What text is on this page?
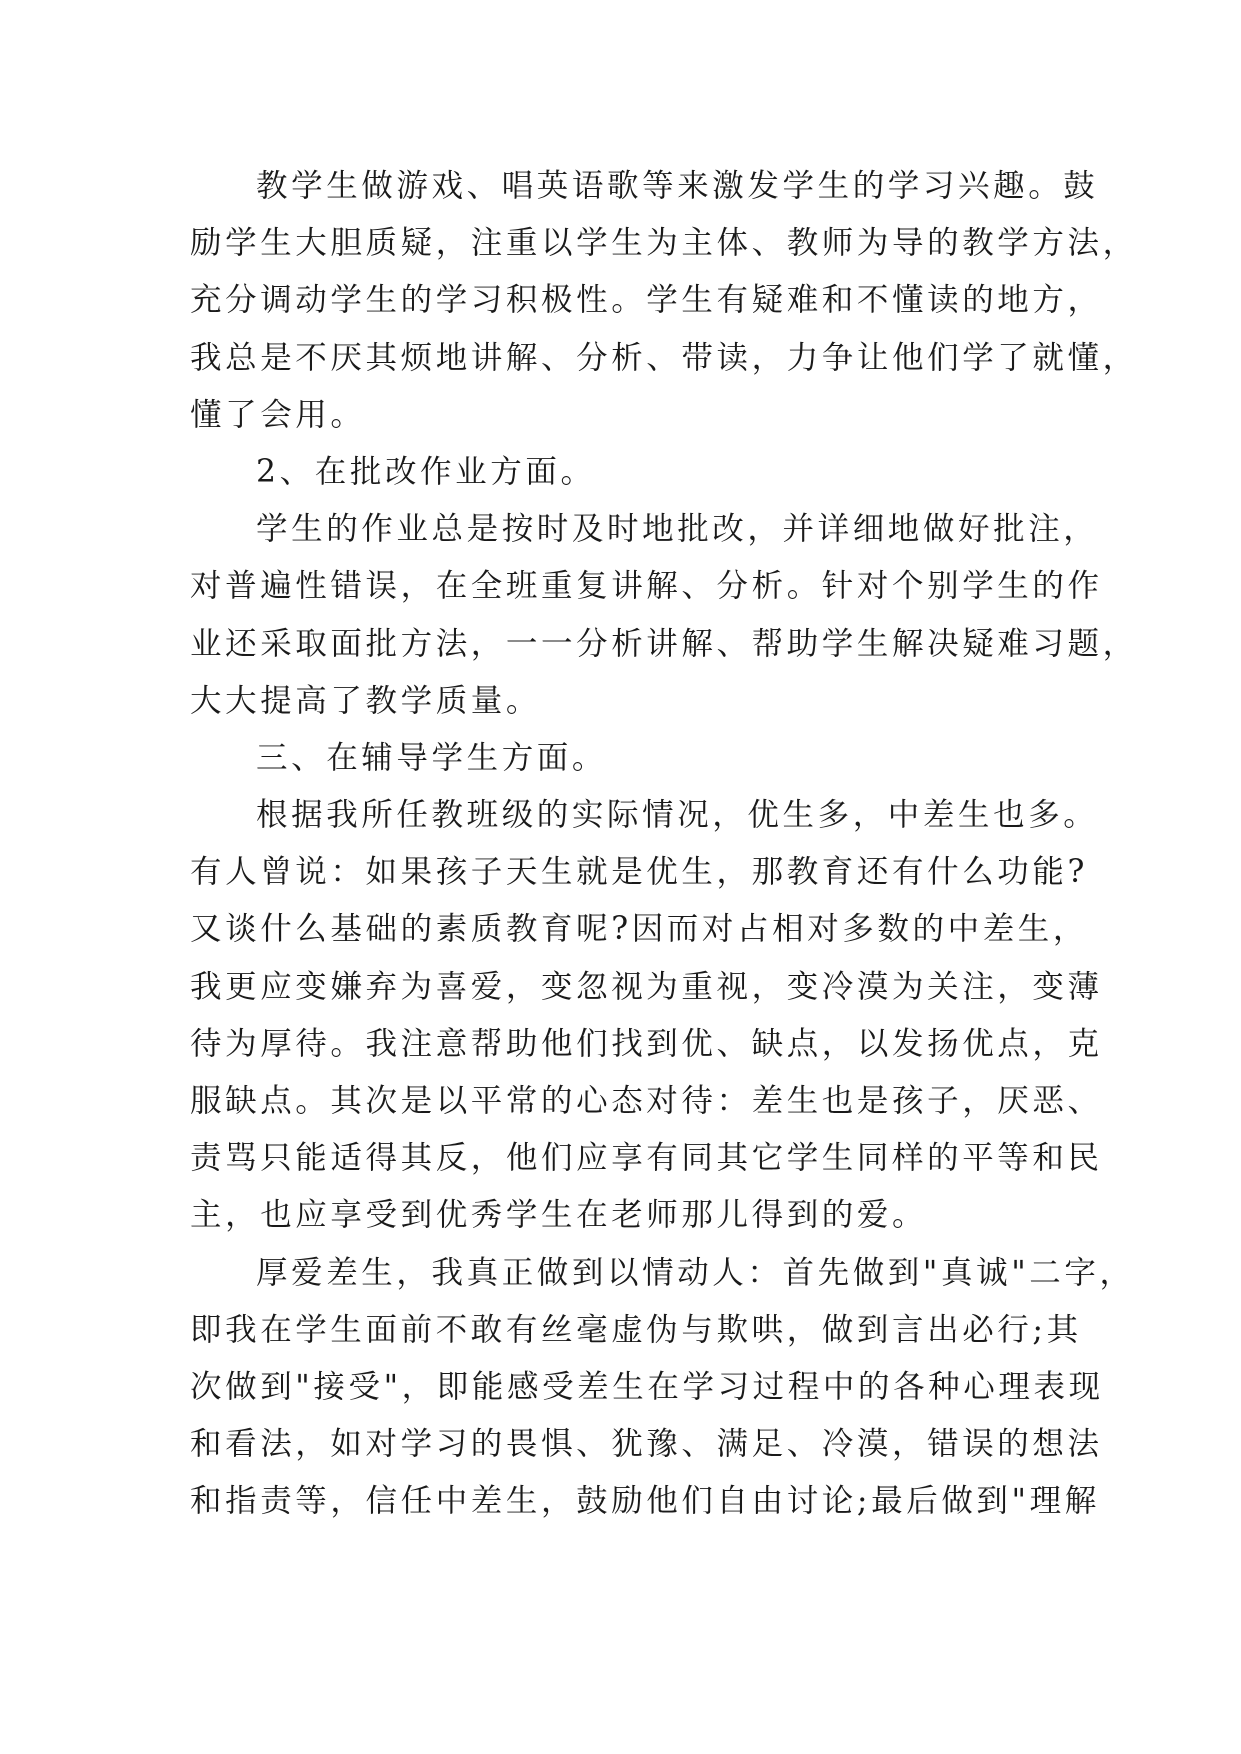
教学生做游戏、唱英语歌等来激发学生的学习兴趣。鼓
励学生大胆质疑，注重以学生为主体、教师为导的教学方法，
充分调动学生的学习积极性。学生有疑难和不懂读的地方，
我总是不厌其烦地讲解、分析、带读，力争让他们学了就懂，
懂了会用。
2、在批改作业方面。
学生的作业总是按时及时地批改，并详细地做好批注，
对普遍性错误，在全班重复讲解、分析。针对个别学生的作
业还采取面批方法，一一分析讲解、帮助学生解决疑难习题，
大大提高了教学质量。
三、在辅导学生方面。
根据我所任教班级的实际情况，优生多，中差生也多。
有人曾说：如果孩子天生就是优生，那教育还有什么功能?
又谈什么基础的素质教育呢?因而对占相对多数的中差生，
我更应变嫌弃为喜爱，变忽视为重视，变冷漠为关注，变薄
待为厚待。我注意帮助他们找到优、缺点，以发扬优点，克
服缺点。其次是以平常的心态对待：差生也是孩子，厌恶、
责骂只能适得其反，他们应享有同其它学生同样的平等和民
主，也应享受到优秀学生在老师那儿得到的爱。
厚爱差生，我真正做到以情动人：首先做到"真诚"二字，
即我在学生面前不敢有丝毫虚伪与欺哄，做到言出必行;其
次做到"接受"，即能感受差生在学习过程中的各种心理表现
和看法，如对学习的畏惧、犹豫、满足、冷漠，错误的想法
和指责等，信任中差生，鼓励他们自由讨论;最后做到"理解
